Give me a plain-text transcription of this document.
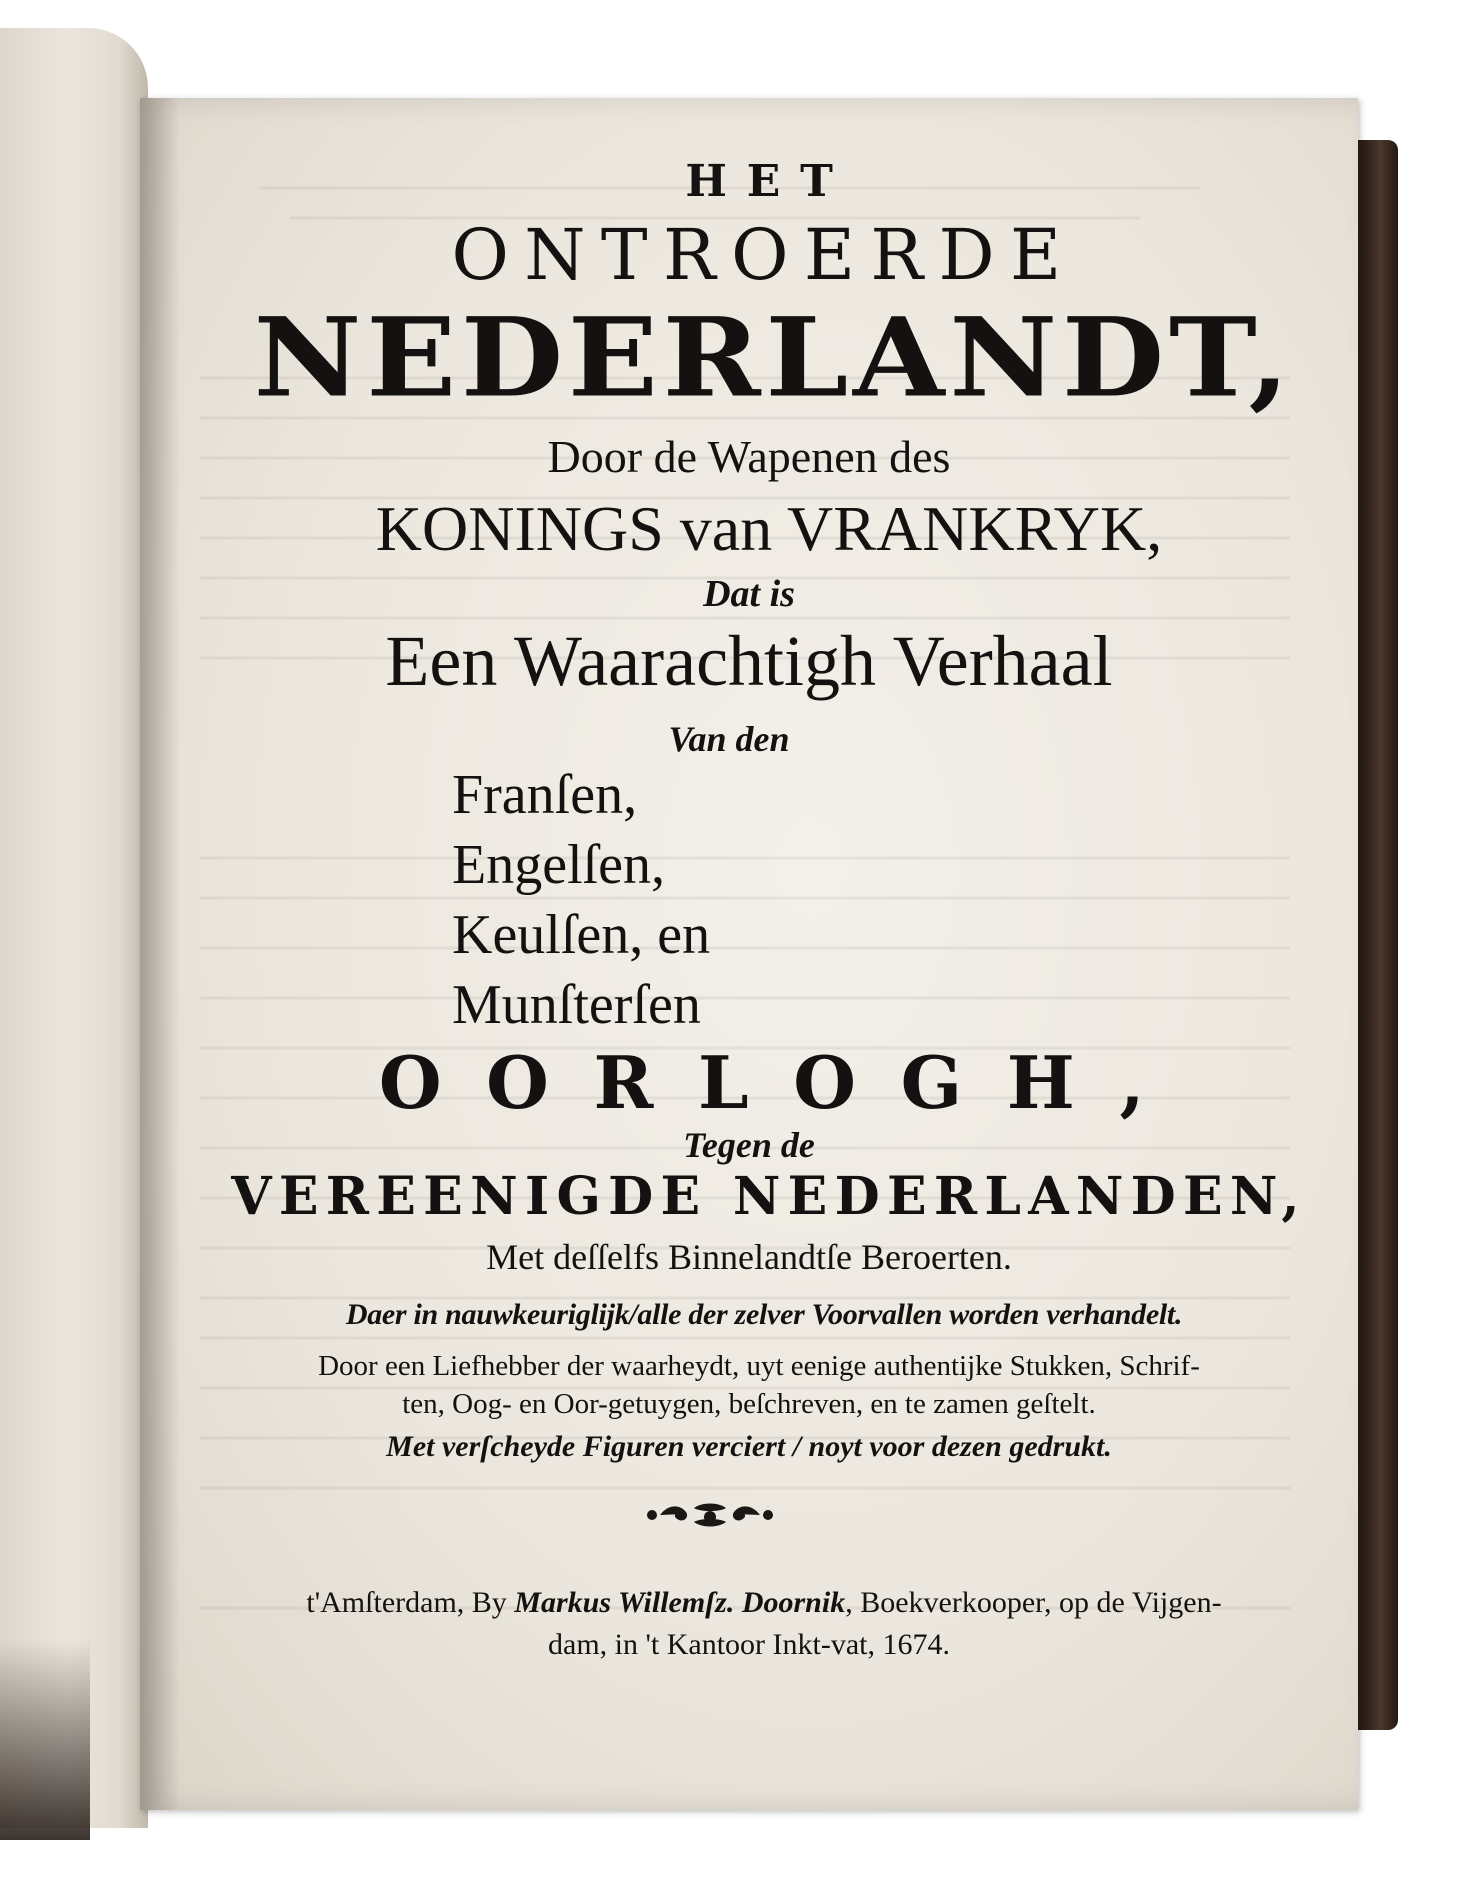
HET
ONTROERDE
NEDERLANDT,
Door de Wapenen des
KONINGS van VRANKRYK,
Dat is
Een Waarachtigh Verhaal
Van den
Franſen,
Engelſen,
Keulſen, en
Munſterſen
OORLOGH,
Tegen de
VEREENIGDE NEDERLANDEN,
Met deſſelfs Binnelandtſe Beroerten.
Daer in nauwkeuriglijk/alle der zelver Voorvallen worden verhandelt.
Door een Liefhebber der waarheydt, uyt eenige authentijke Stukken, Schrif-
ten, Oog- en Oor-getuygen, beſchreven, en te zamen geſtelt.
Met verſcheyde Figuren verciert / noyt voor dezen gedrukt.
t'Amſterdam, By Markus Willemſz. Doornik, Boekverkooper, op de Vijgen-
dam, in 't Kantoor Inkt-vat, 1674.
